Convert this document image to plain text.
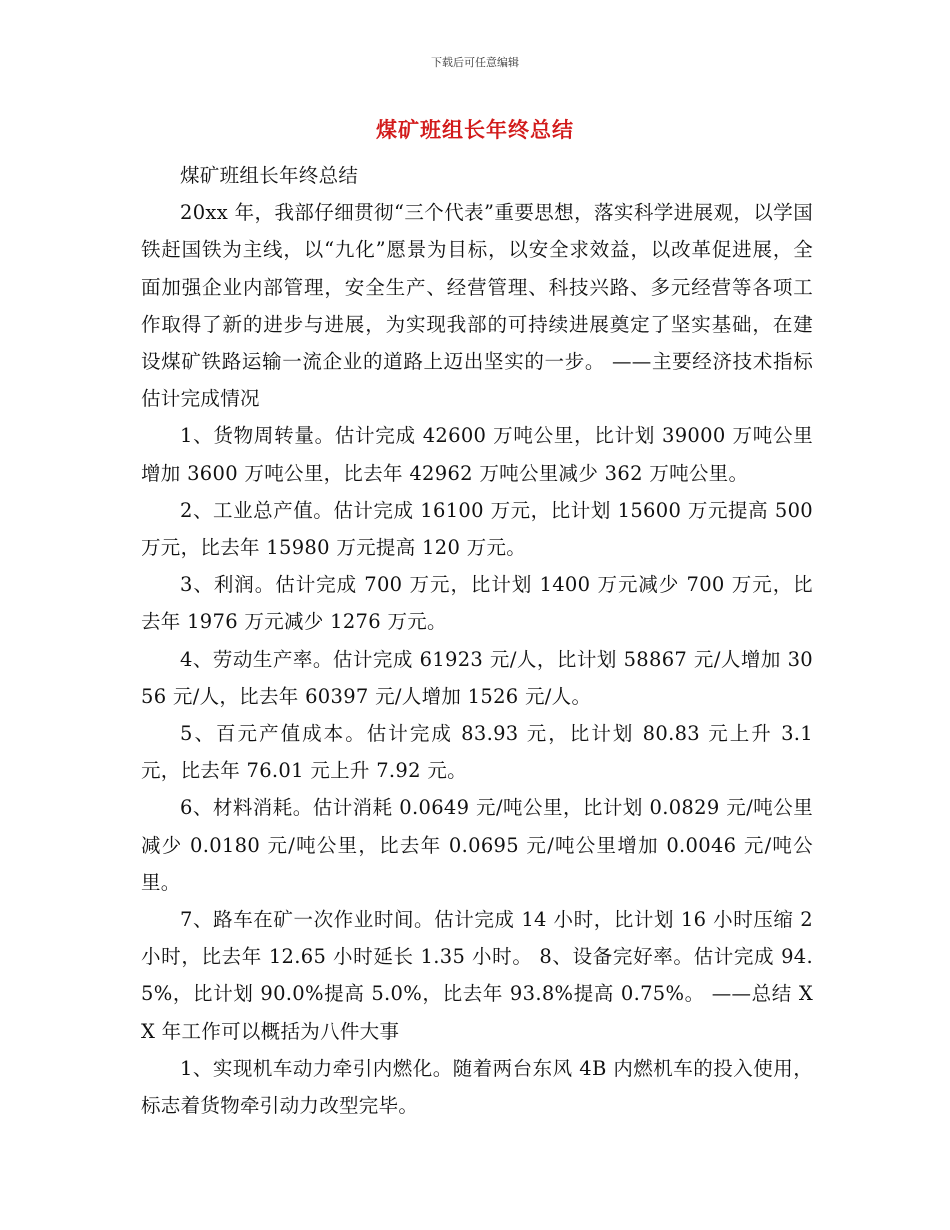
下载后可任意编辑
煤矿班组长年终总结

煤矿班组长年终总结

20xx 年，我部仔细贯彻“三个代表”重要思想，落实科学进展观，以学国铁赶国铁为主线，以“九化”愿景为目标，以安全求效益，以改革促进展，全面加强企业内部管理，安全生产、经营管理、科技兴路、多元经营等各项工作取得了新的进步与进展，为实现我部的可持续进展奠定了坚实基础，在建设煤矿铁路运输一流企业的道路上迈出坚实的一步。 ——主要经济技术指标估计完成情况

1、货物周转量。估计完成 42600 万吨公里，比计划 39000 万吨公里增加 3600 万吨公里，比去年 42962 万吨公里减少 362 万吨公里。

2、工业总产值。估计完成 16100 万元，比计划 15600 万元提高 500 万元，比去年 15980 万元提高 120 万元。

3、利润。估计完成 700 万元，比计划 1400 万元减少 700 万元，比去年 1976 万元减少 1276 万元。

4、劳动生产率。估计完成 61923 元/人，比计划 58867 元/人增加 3056 元/人，比去年 60397 元/人增加 1526 元/人。

5、百元产值成本。估计完成 83.93 元，比计划 80.83 元上升 3.1 元，比去年 76.01 元上升 7.92 元。

6、材料消耗。估计消耗 0.0649 元/吨公里，比计划 0.0829 元/吨公里减少 0.0180 元/吨公里，比去年 0.0695 元/吨公里增加 0.0046 元/吨公里。

7、路车在矿一次作业时间。估计完成 14 小时，比计划 16 小时压缩 2 小时，比去年 12.65 小时延长 1.35 小时。 8、设备完好率。估计完成 94.5%，比计划 90.0%提高 5.0%，比去年 93.8%提高 0.75%。 ——总结 XX 年工作可以概括为八件大事

1、实现机车动力牵引内燃化。随着两台东风 4B 内燃机车的投入使用，标志着货物牵引动力改型完毕。
